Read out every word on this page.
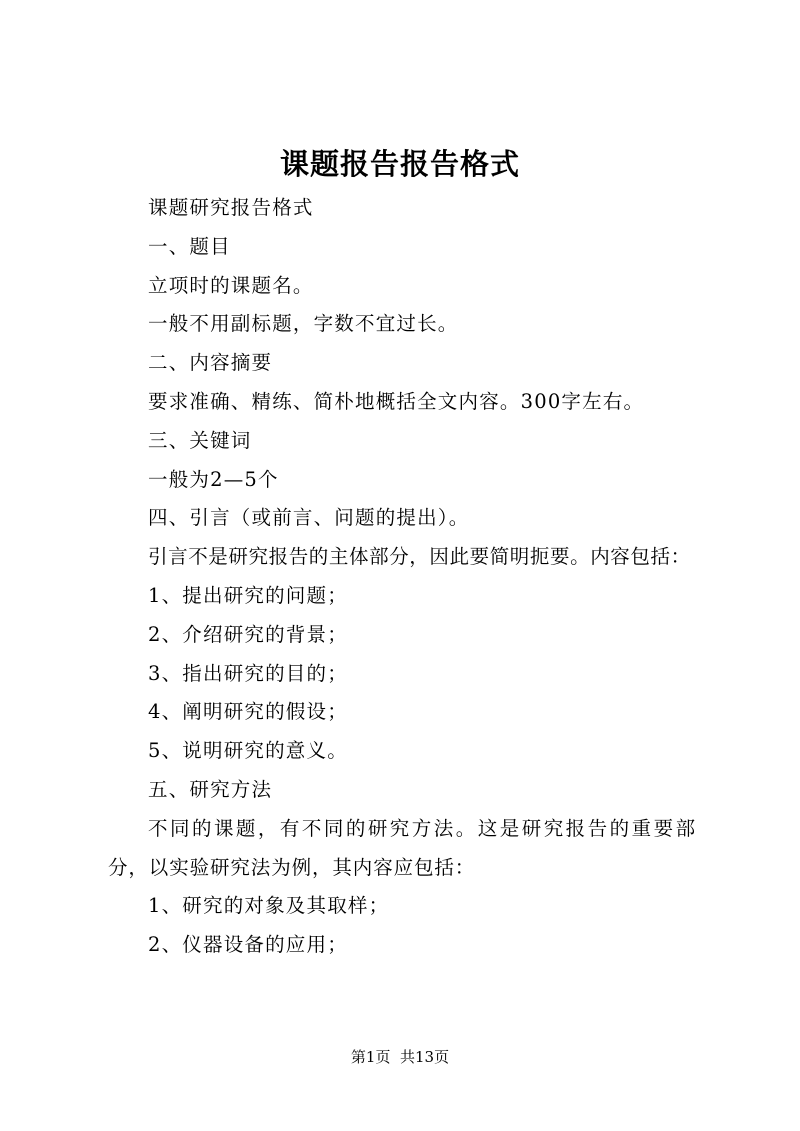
课题报告报告格式

课题研究报告格式

一、题目

立项时的课题名。

一般不用副标题，字数不宜过长。

二、内容摘要

要求准确、精练、简朴地概括全文内容。300字左右。

三、关键词

一般为2—5个

四、引言（或前言、问题的提出）。

引言不是研究报告的主体部分，因此要简明扼要。内容包括：

1、提出研究的问题；

2、介绍研究的背景；

3、指出研究的目的；

4、阐明研究的假设；

5、说明研究的意义。

五、研究方法

不同的课题，有不同的研究方法。这是研究报告的重要部分，以实验研究法为例，其内容应包括：

1、研究的对象及其取样；

2、仪器设备的应用；

第1页  共13页
